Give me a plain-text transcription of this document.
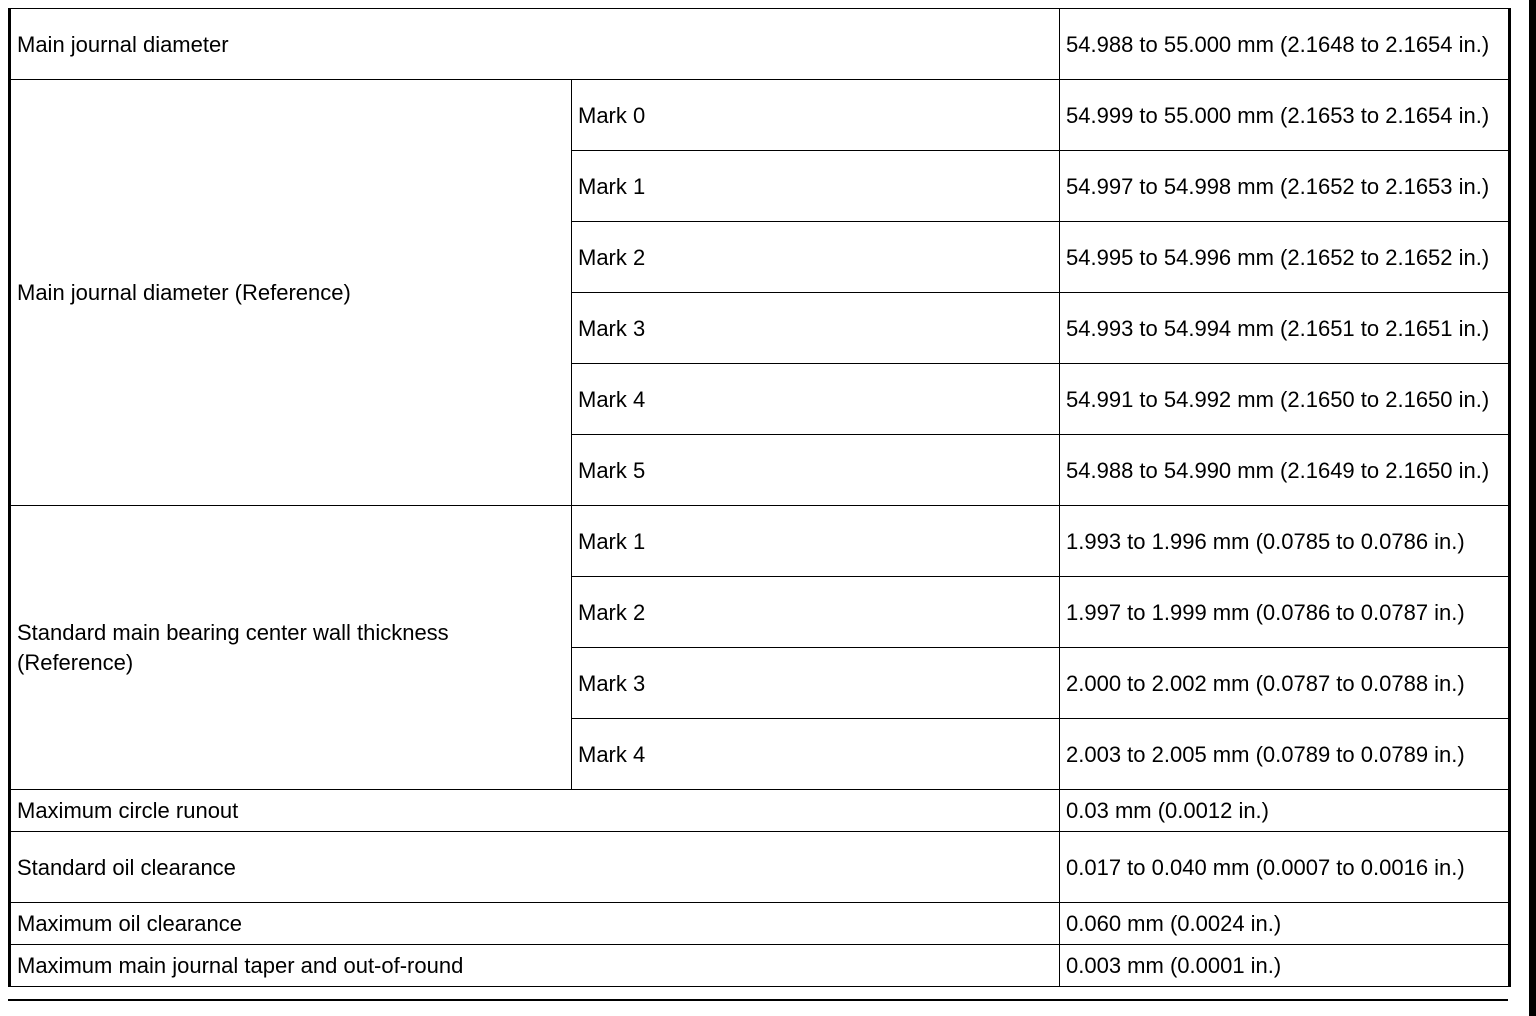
Main journal diameter		54.988 to 55.000 mm (2.1648 to 2.1654 in.)
Main journal diameter (Reference)	Mark 0	54.999 to 55.000 mm (2.1653 to 2.1654 in.)
	Mark 1	54.997 to 54.998 mm (2.1652 to 2.1653 in.)
	Mark 2	54.995 to 54.996 mm (2.1652 to 2.1652 in.)
	Mark 3	54.993 to 54.994 mm (2.1651 to 2.1651 in.)
	Mark 4	54.991 to 54.992 mm (2.1650 to 2.1650 in.)
	Mark 5	54.988 to 54.990 mm (2.1649 to 2.1650 in.)
Standard main bearing center wall thickness (Reference)	Mark 1	1.993 to 1.996 mm (0.0785 to 0.0786 in.)
	Mark 2	1.997 to 1.999 mm (0.0786 to 0.0787 in.)
	Mark 3	2.000 to 2.002 mm (0.0787 to 0.0788 in.)
	Mark 4	2.003 to 2.005 mm (0.0789 to 0.0789 in.)
Maximum circle runout		0.03 mm (0.0012 in.)
Standard oil clearance		0.017 to 0.040 mm (0.0007 to 0.0016 in.)
Maximum oil clearance		0.060 mm (0.0024 in.)
Maximum main journal taper and out-of-round		0.003 mm (0.0001 in.)
